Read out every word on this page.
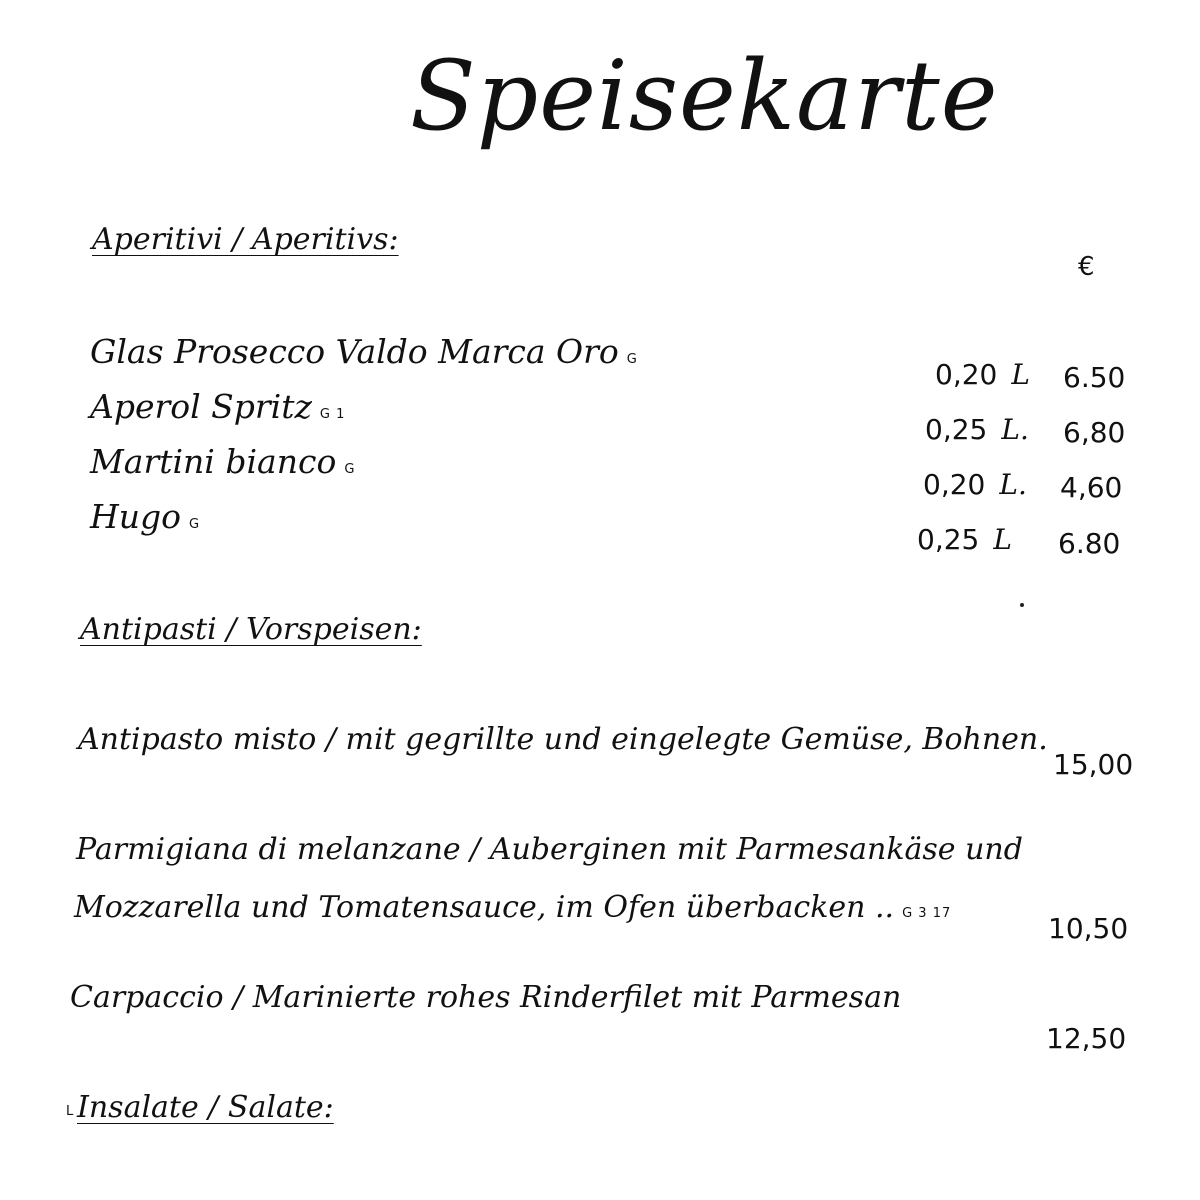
Speisekarte
Aperitivi / Aperitivs:
€
Glas Prosecco Valdo Marca Oro G
Aperol Spritz G 1
Martini bianco G
Hugo G
0,20 L
0,25 L.
0,20 L.
0,25 L
6.50
6,80
4,60
6.80
Antipasti / Vorspeisen:
Antipasto misto / mit gegrillte und eingelegte Gemüse, Bohnen.
15,00
Parmigiana di melanzane / Auberginen mit Parmesankäse und
Mozzarella und Tomatensauce, im Ofen überbacken .. G 3 17	10,50
Carpaccio / Marinierte rohes Rinderfilet mit Parmesan
12,50
L Insalate / Salate:
